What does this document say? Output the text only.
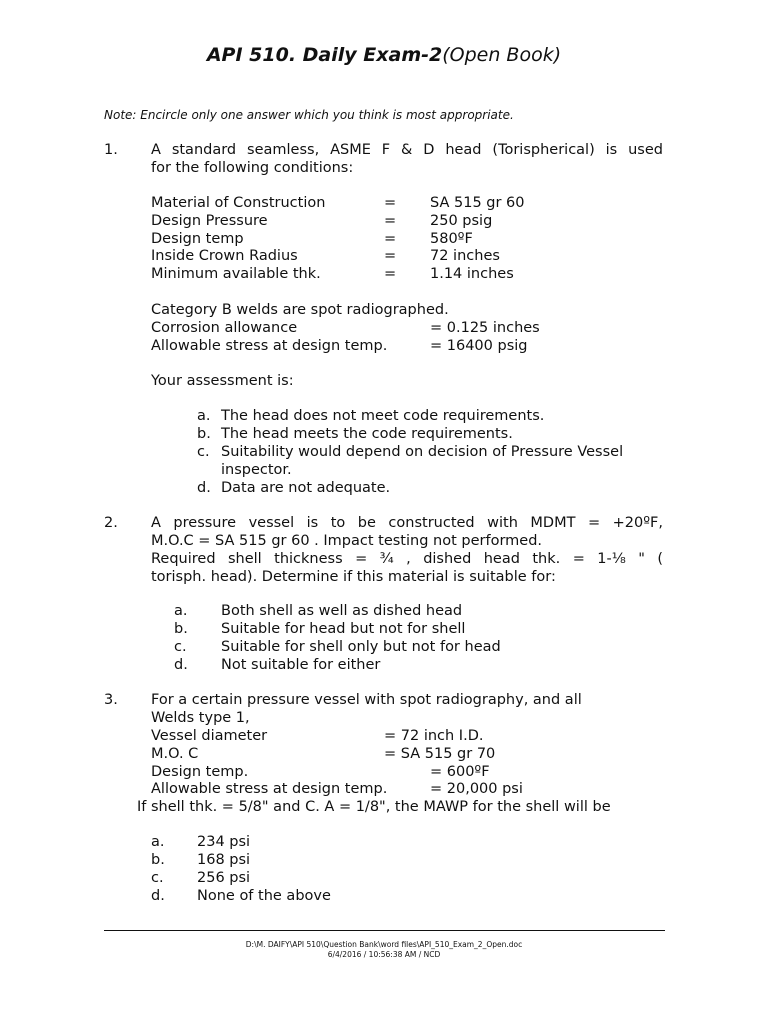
API 510. Daily Exam-2(Open Book)
Note: Encircle only one answer which you think is most appropriate.
1. A standard seamless, ASME F & D head (Torispherical) is used
for the following conditions:
Material of Construction	= SA 515 gr 60
Design Pressure	= 250 psig
Design temp	= 580ºF
Inside Crown Radius	= 72 inches
Minimum available thk.	= 1.14 inches
Category B welds are spot radiographed.
Corrosion allowance	= 0.125 inches
Allowable stress at design temp.	= 16400 psig
Your assessment is:
a. The head does not meet code requirements.
b. The head meets the code requirements.
c. Suitability would depend on decision of Pressure Vessel
inspector.
d. Data are not adequate.
2. A pressure vessel is to be constructed with MDMT = +20ºF,
M.O.C = SA 515 gr 60 . Impact testing not performed.
Required shell thickness = ¾ , dished head thk. = 1-⅛ " (
torisph. head). Determine if this material is suitable for:
a. Both shell as well as dished head
b. Suitable for head but not for shell
c. Suitable for shell only but not for head
d. Not suitable for either
3. For a certain pressure vessel with spot radiography, and all
Welds type 1,
Vessel diameter	= 72 inch I.D.
M.O. C	= SA 515 gr 70
Design temp.	= 600ºF
Allowable stress at design temp.	= 20,000 psi
If shell thk. = 5/8" and C. A = 1/8", the MAWP for the shell will be
a. 234 psi
b. 168 psi
c. 256 psi
d. None of the above
D:\M. DAIFY\API 510\Question Bank\word files\API_510_Exam_2_Open.doc
6/4/2016 / 10:56:38 AM / NCD
